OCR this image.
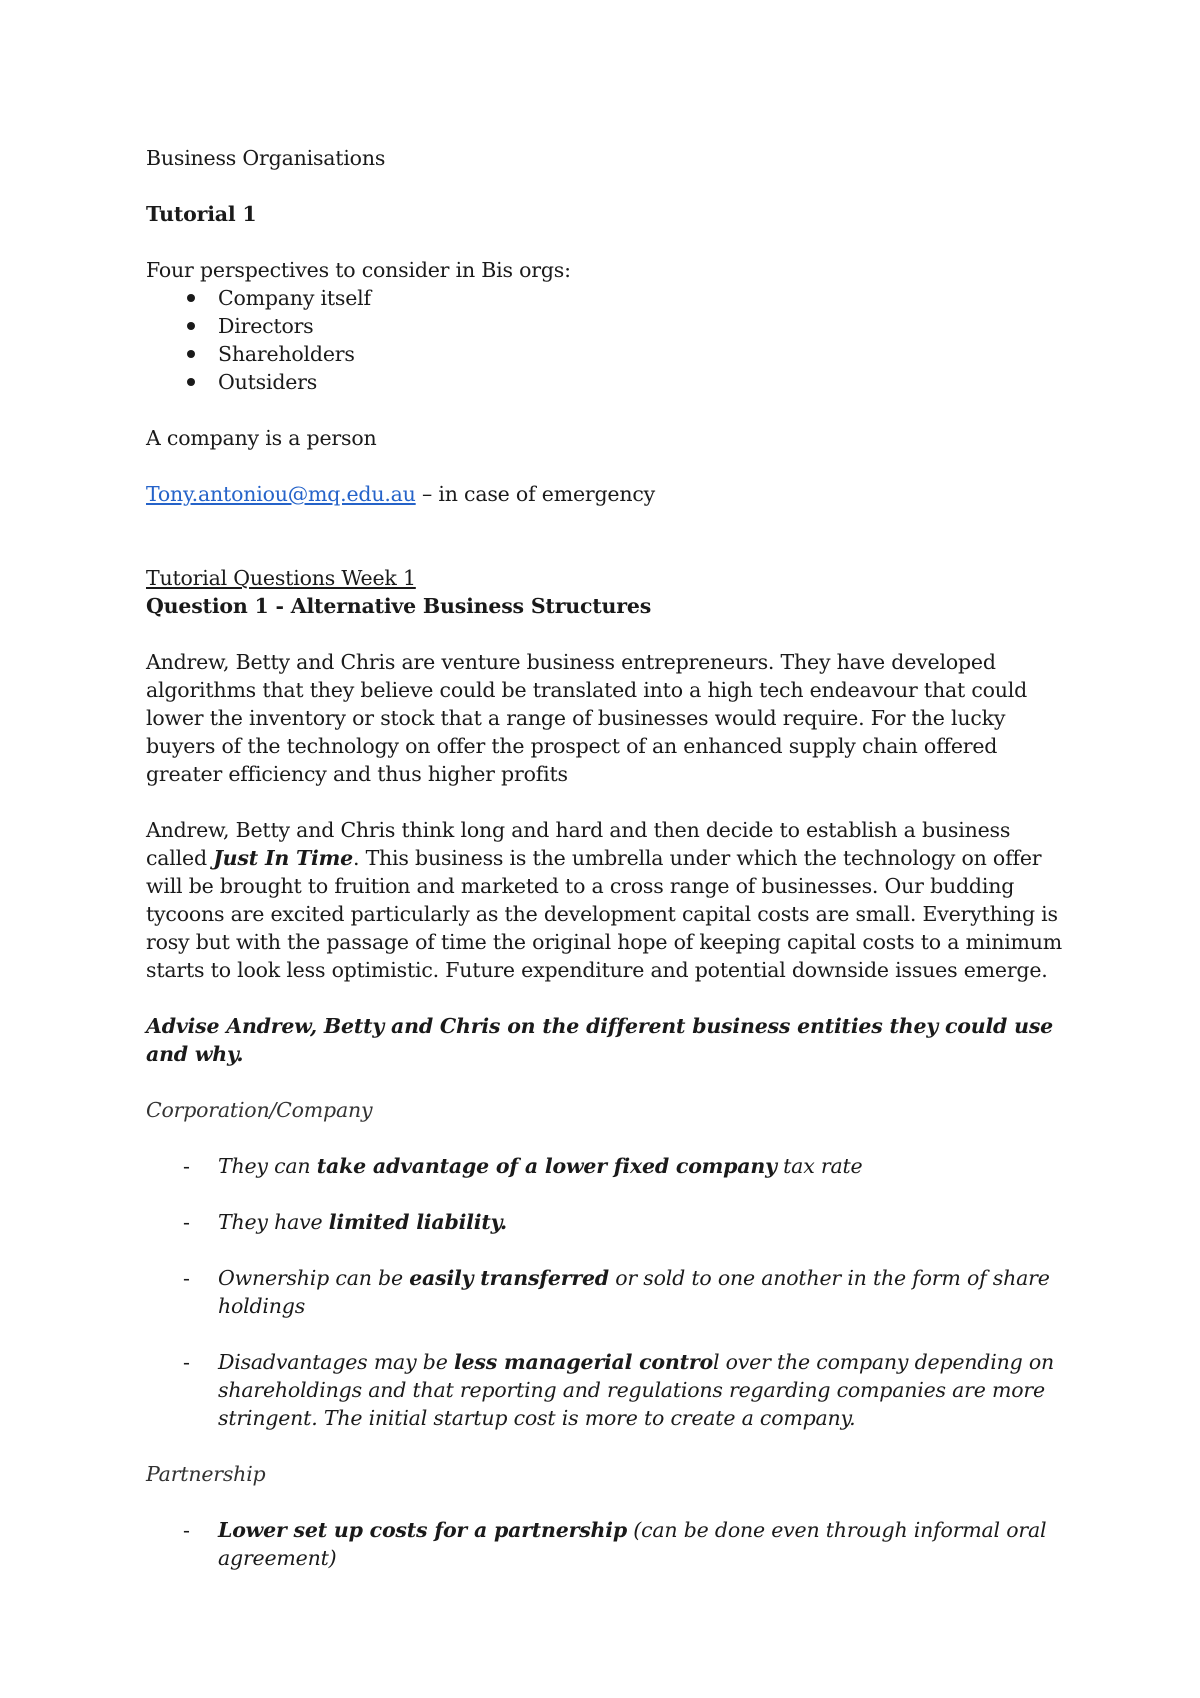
Business Organisations

Tutorial 1

Four perspectives to consider in Bis orgs:

Company itself
Directors
Shareholders
Outsiders

A company is a person

Tony.antoniou@mq.edu.au – in case of emergency

Tutorial Questions Week 1

Question 1 - Alternative Business Structures

Andrew, Betty and Chris are venture business entrepreneurs. They have developed algorithms that they believe could be translated into a high tech endeavour that could lower the inventory or stock that a range of businesses would require. For the lucky buyers of the technology on offer the prospect of an enhanced supply chain offered greater efficiency and thus higher profits

Andrew, Betty and Chris think long and hard and then decide to establish a business called Just In Time. This business is the umbrella under which the technology on offer will be brought to fruition and marketed to a cross range of businesses. Our budding tycoons are excited particularly as the development capital costs are small. Everything is rosy but with the passage of time the original hope of keeping capital costs to a minimum starts to look less optimistic. Future expenditure and potential downside issues emerge.

Advise Andrew, Betty and Chris on the different business entities they could use and why.

Corporation/Company

- They can take advantage of a lower fixed company tax rate
- They have limited liability.
- Ownership can be easily transferred or sold to one another in the form of share holdings
- Disadvantages may be less managerial control over the company depending on shareholdings and that reporting and regulations regarding companies are more stringent. The initial startup cost is more to create a company.

Partnership

- Lower set up costs for a partnership (can be done even through informal oral agreement)
